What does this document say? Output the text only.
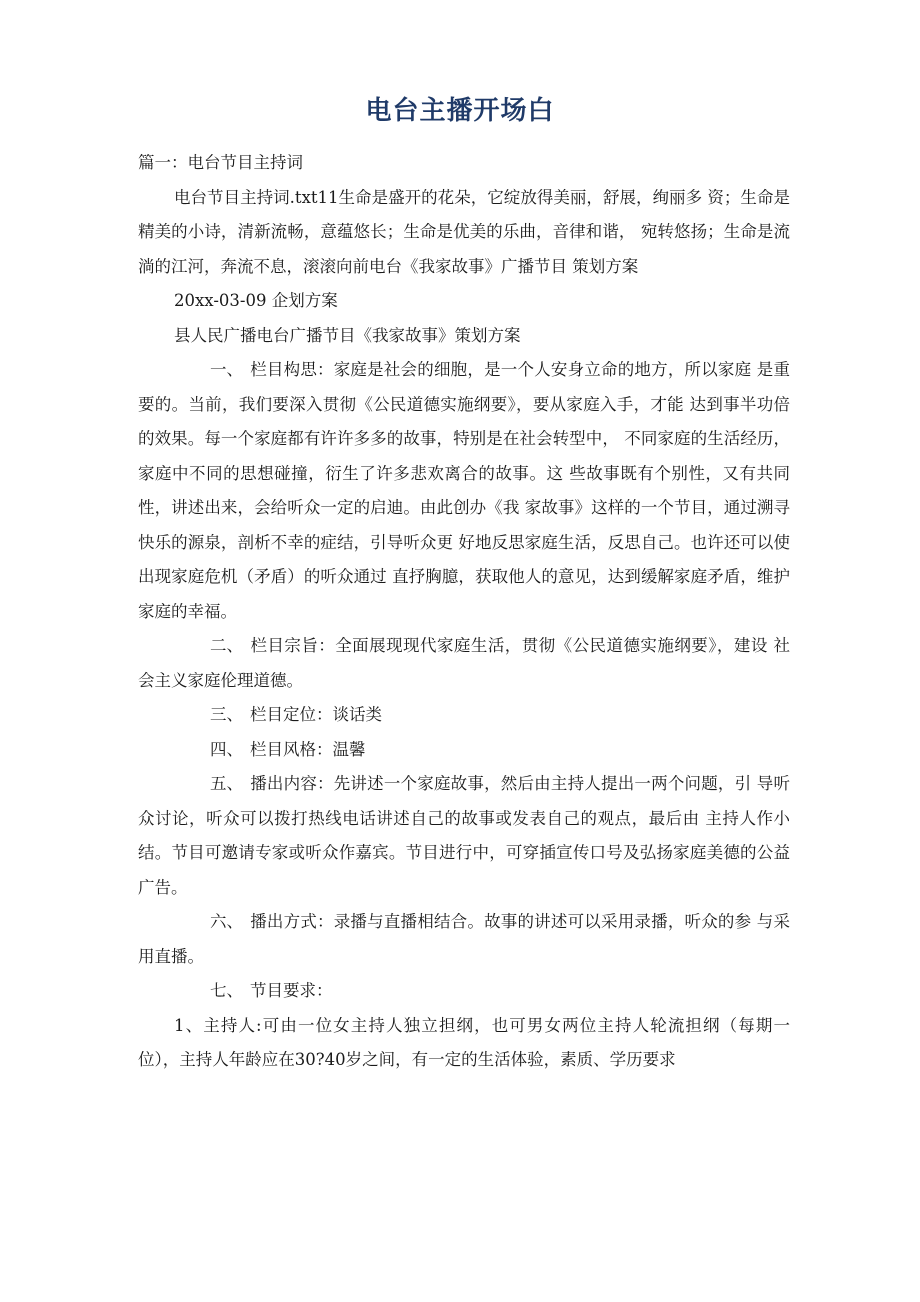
电台主播开场白

篇一：电台节目主持词

电台节目主持词.txt11生命是盛开的花朵，它绽放得美丽，舒展，绚丽多 资；生命是精美的小诗，清新流畅，意蕴悠长；生命是优美的乐曲，音律和谐， 宛转悠扬；生命是流淌的江河，奔流不息，滚滚向前电台《我家故事》广播节目 策划方案

20xx-03-09 企划方案

县人民广播电台广播节目《我家故事》策划方案

一、 栏目构思：家庭是社会的细胞，是一个人安身立命的地方，所以家庭 是重要的。当前，我们要深入贯彻《公民道德实施纲要》，要从家庭入手，才能 达到事半功倍的效果。每一个家庭都有许许多多的故事，特别是在社会转型中， 不同家庭的生活经历，家庭中不同的思想碰撞，衍生了许多悲欢离合的故事。这 些故事既有个别性，又有共同性，讲述出来，会给听众一定的启迪。由此创办《我 家故事》这样的一个节目，通过溯寻快乐的源泉，剖析不幸的症结，引导听众更 好地反思家庭生活，反思自己。也许还可以使出现家庭危机（矛盾）的听众通过 直抒胸臆，获取他人的意见，达到缓解家庭矛盾，维护家庭的幸福。

二、 栏目宗旨：全面展现现代家庭生活，贯彻《公民道德实施纲要》，建设 社会主义家庭伦理道德。

三、 栏目定位：谈话类

四、 栏目风格：温馨

五、 播出内容：先讲述一个家庭故事，然后由主持人提出一两个问题，引 导听众讨论，听众可以拨打热线电话讲述自己的故事或发表自己的观点，最后由 主持人作小结。节目可邀请专家或听众作嘉宾。节目进行中，可穿插宣传口号及弘扬家庭美德的公益广告。

六、 播出方式：录播与直播相结合。故事的讲述可以采用录播，听众的参 与采用直播。

七、 节目要求：

1、主持人:可由一位女主持人独立担纲，也可男女两位主持人轮流担纲（每期一位），主持人年龄应在30?40岁之间，有一定的生活体验，素质、学历要求
